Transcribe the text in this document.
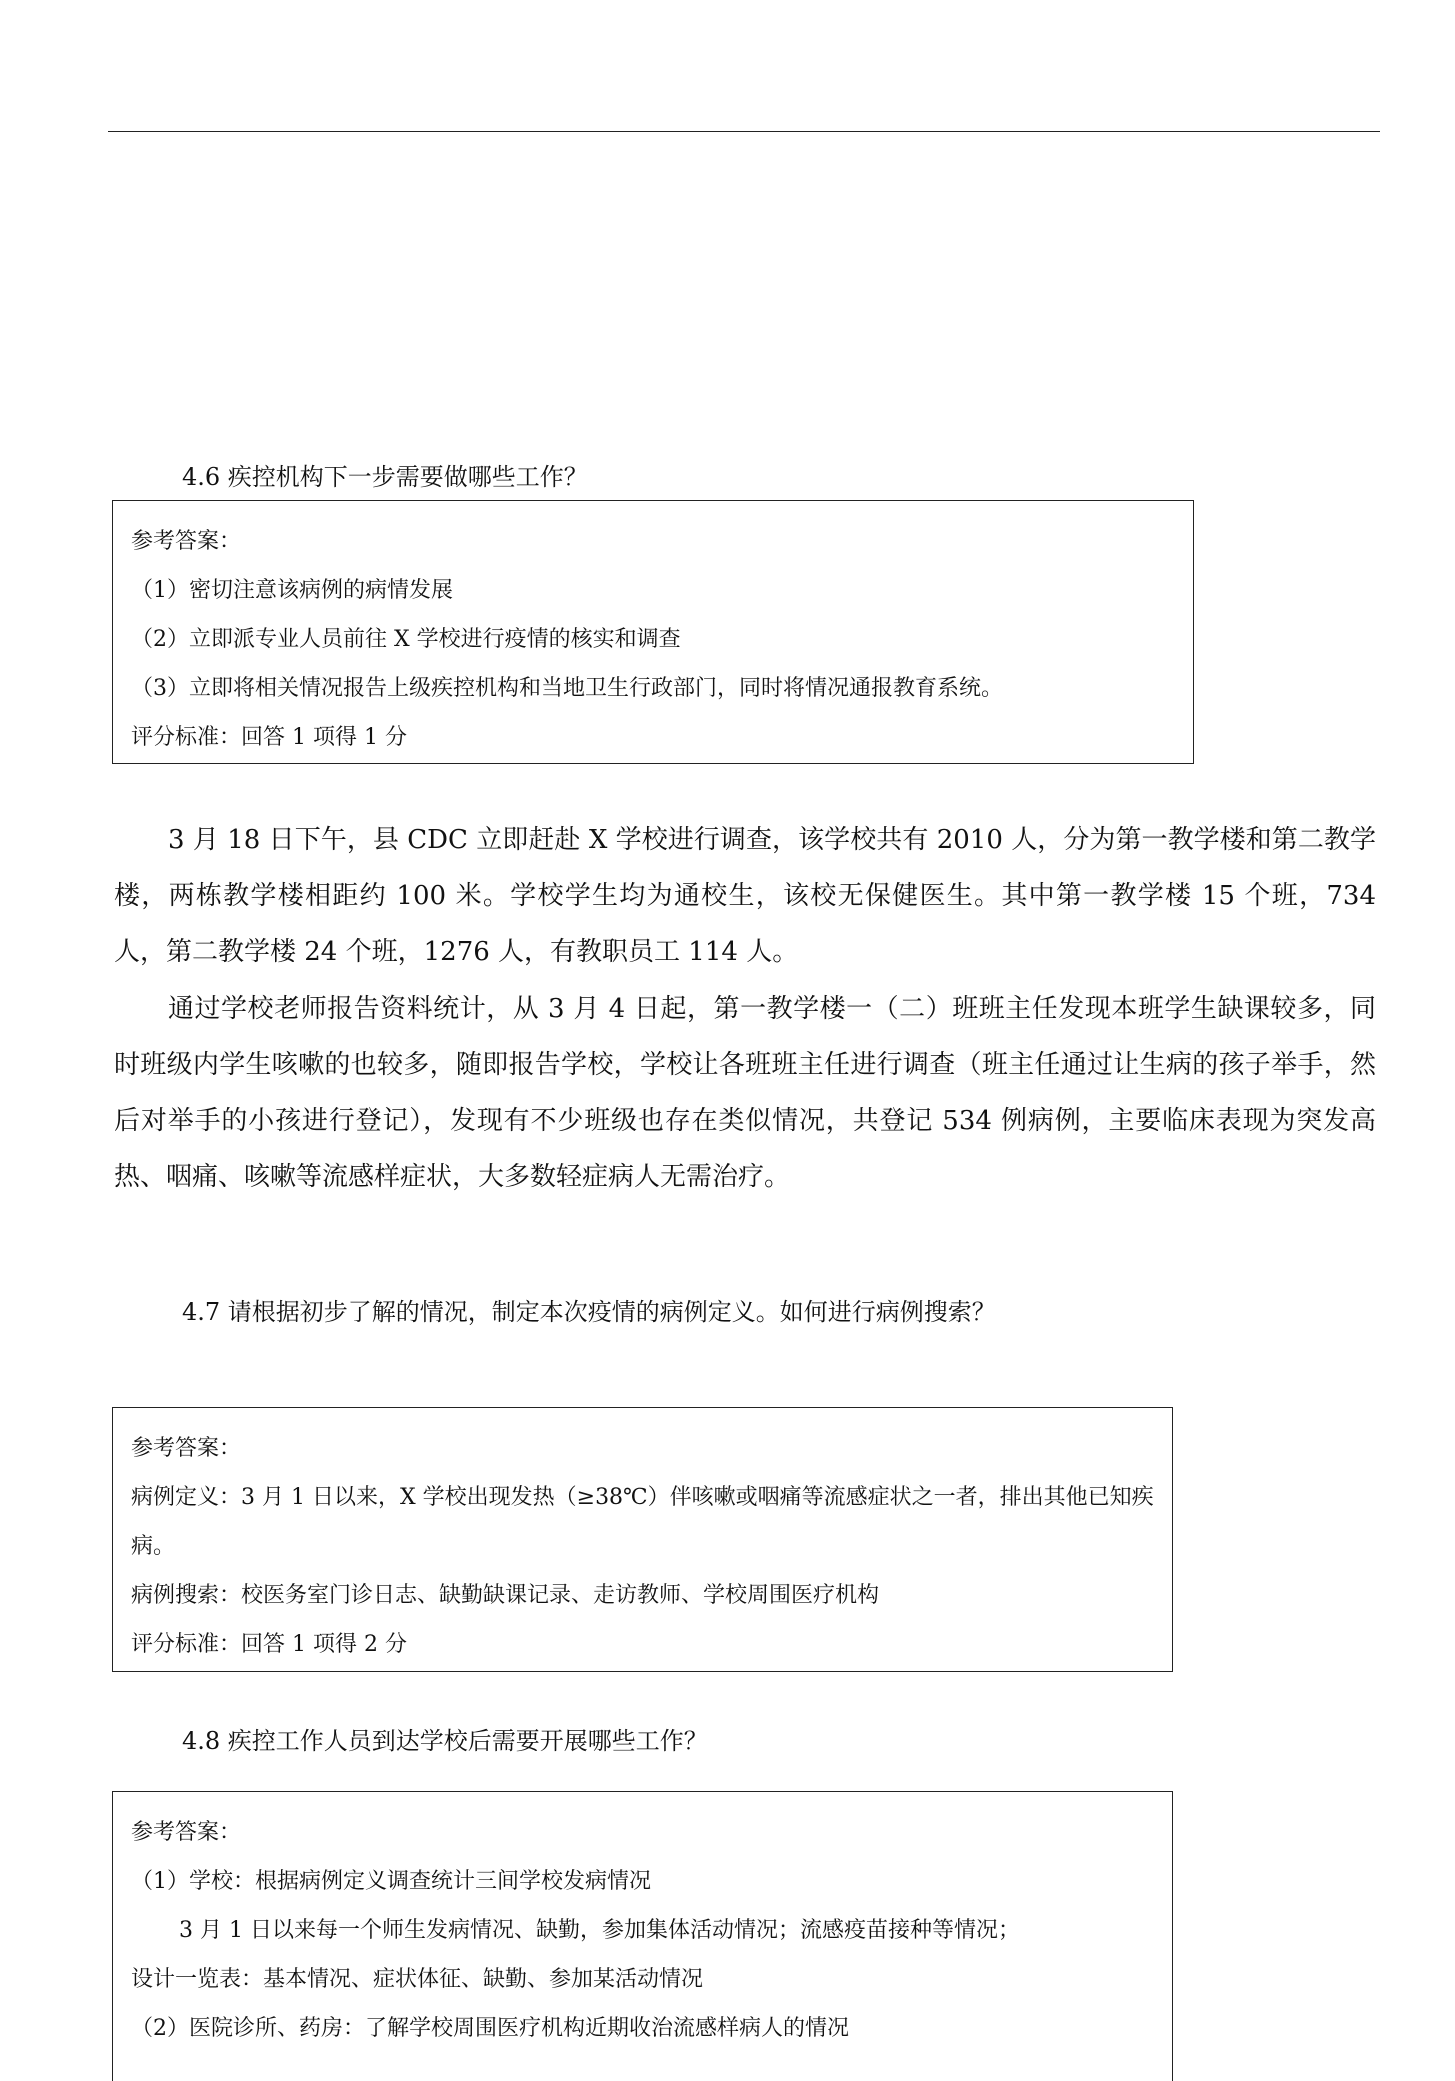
4.6 疾控机构下一步需要做哪些工作？
参考答案：
（1）密切注意该病例的病情发展
（2）立即派专业人员前往 X 学校进行疫情的核实和调查
（3）立即将相关情况报告上级疾控机构和当地卫生行政部门，同时将情况通报教育系统。
评分标准：回答 1 项得 1 分
3 月 18 日下午，县 CDC 立即赶赴 X 学校进行调查，该学校共有 2010 人，分为第一教学楼和第二教学楼，两栋教学楼相距约 100 米。学校学生均为通校生，该校无保健医生。其中第一教学楼 15 个班，734 人，第二教学楼 24 个班，1276 人，有教职员工 114 人。
通过学校老师报告资料统计，从 3 月 4 日起，第一教学楼一（二）班班主任发现本班学生缺课较多，同时班级内学生咳嗽的也较多，随即报告学校，学校让各班班主任进行调查（班主任通过让生病的孩子举手，然后对举手的小孩进行登记），发现有不少班级也存在类似情况，共登记 534 例病例，主要临床表现为突发高热、咽痛、咳嗽等流感样症状，大多数轻症病人无需治疗。
4.7 请根据初步了解的情况，制定本次疫情的病例定义。如何进行病例搜索？
参考答案：
病例定义：3 月 1 日以来，X 学校出现发热（≥38℃）伴咳嗽或咽痛等流感症状之一者，排出其他已知疾病。
病例搜索：校医务室门诊日志、缺勤缺课记录、走访教师、学校周围医疗机构
评分标准：回答 1 项得 2 分
4.8 疾控工作人员到达学校后需要开展哪些工作？
参考答案：
（1）学校：根据病例定义调查统计三间学校发病情况
3 月 1 日以来每一个师生发病情况、缺勤，参加集体活动情况；流感疫苗接种等情况；
设计一览表：基本情况、症状体征、缺勤、参加某活动情况
（2）医院诊所、药房：了解学校周围医疗机构近期收治流感样病人的情况
